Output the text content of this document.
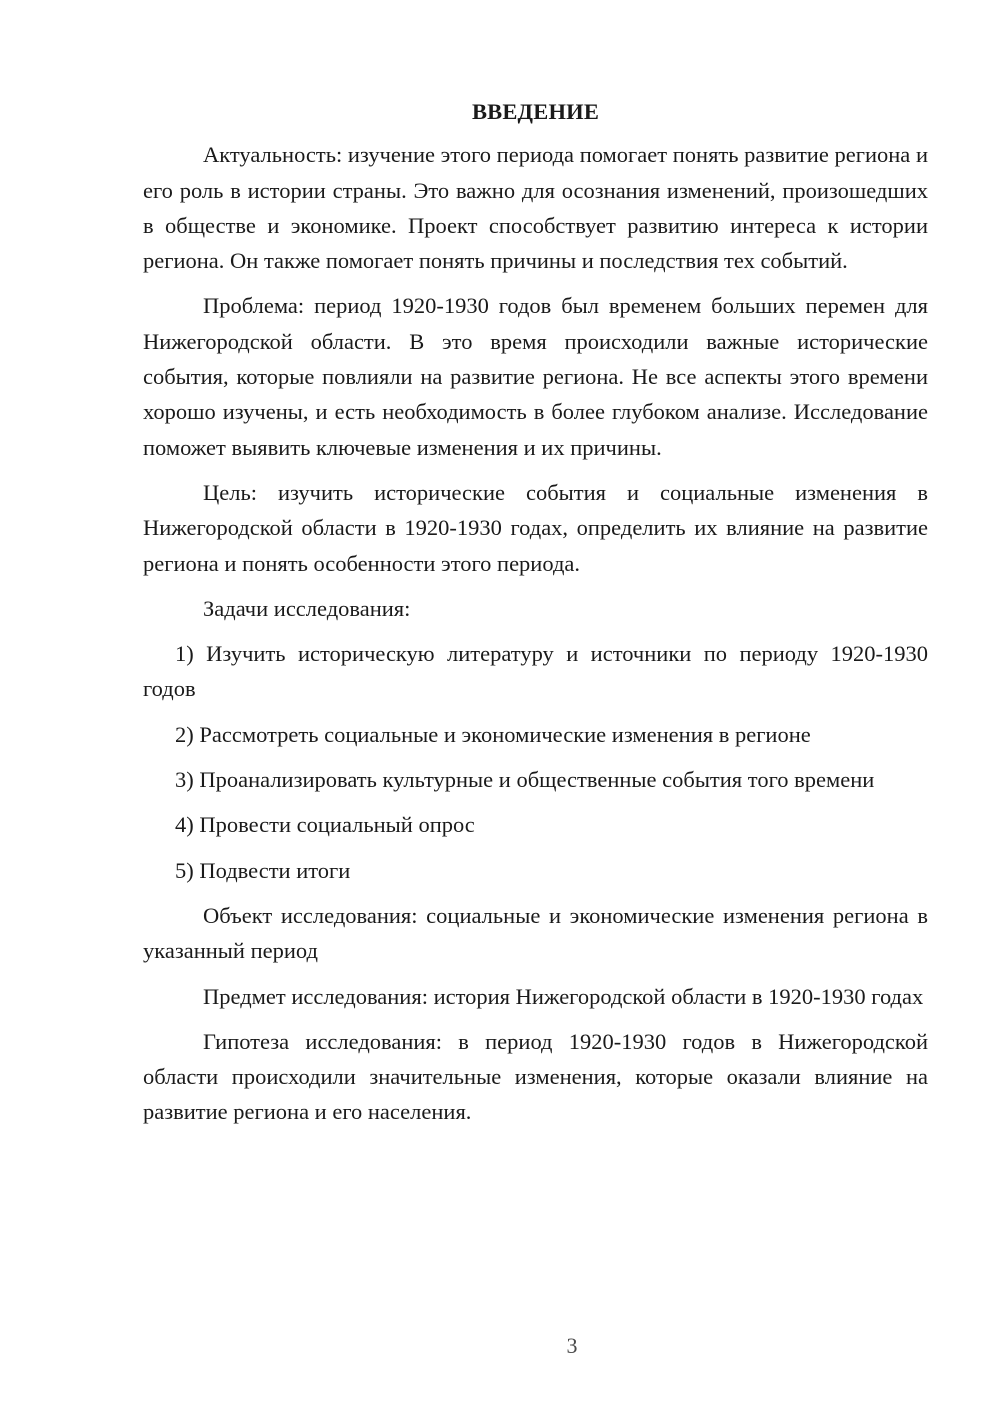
ВВЕДЕНИЕ

Актуальность: изучение этого периода помогает понять развитие региона и его роль в истории страны. Это важно для осознания изменений, произошедших в обществе и экономике. Проект способствует развитию интереса к истории региона. Он также помогает понять причины и последствия тех событий.

Проблема: период 1920-1930 годов был временем больших перемен для Нижегородской области. В это время происходили важные исторические события, которые повлияли на развитие региона. Не все аспекты этого времени хорошо изучены, и есть необходимость в более глубоком анализе. Исследование поможет выявить ключевые изменения и их причины.

Цель: изучить исторические события и социальные изменения в Нижегородской области в 1920-1930 годах, определить их влияние на развитие региона и понять особенности этого периода.

Задачи исследования:

1) Изучить историческую литературу и источники по периоду 1920-1930 годов

2) Рассмотреть социальные и экономические изменения в регионе

3) Проанализировать культурные и общественные события того времени

4) Провести социальный опрос

5) Подвести итоги

Объект исследования: социальные и экономические изменения региона в указанный период

Предмет исследования: история Нижегородской области в 1920-1930 годах

Гипотеза исследования: в период 1920-1930 годов в Нижегородской области происходили значительные изменения, которые оказали влияние на развитие региона и его населения.

3
